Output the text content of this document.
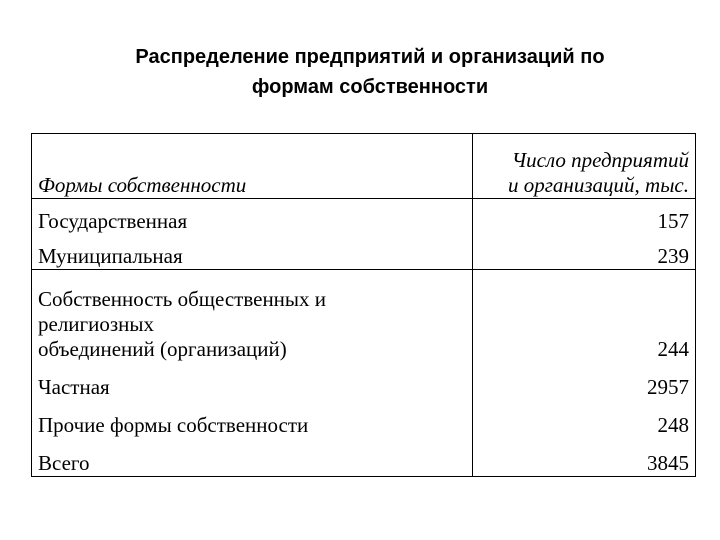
Распределение предприятий и организаций по
формам собственности
Формы собственности	Число предприятий
и организаций, тыс.

Государственная	157
Муниципальная	239

Собственность общественных и
религиозных
объединений (организаций)	244
Частная	2957
Прочие формы собственности	248
Всего	3845
